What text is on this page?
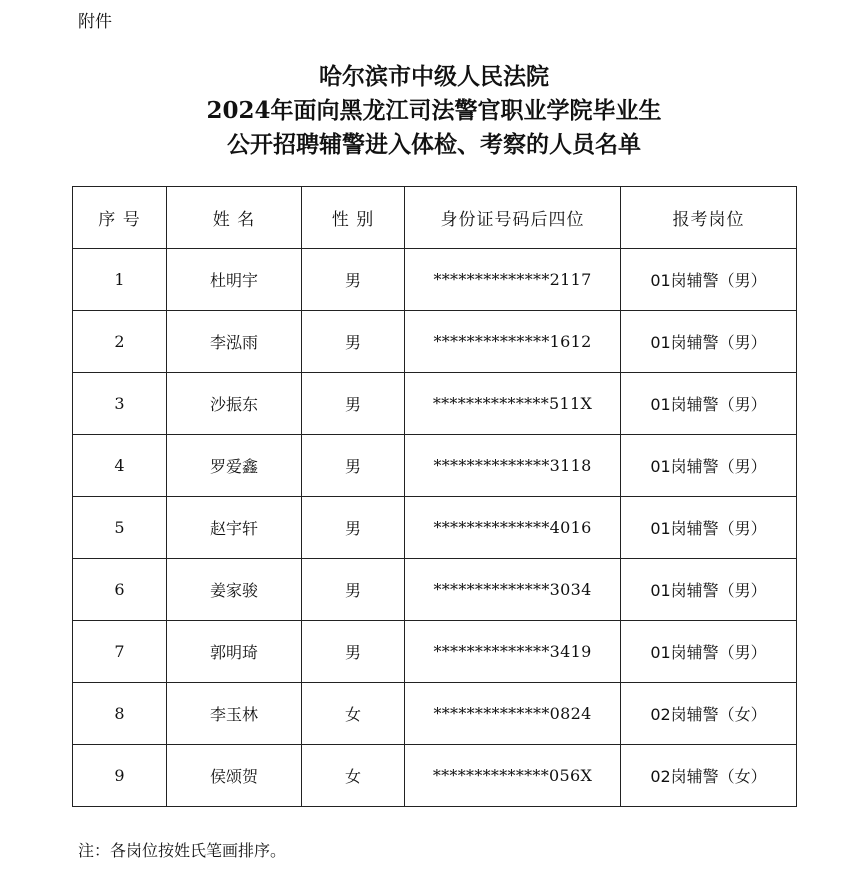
附件
哈尔滨市中级人民法院
2024年面向黑龙江司法警官职业学院毕业生
公开招聘辅警进入体检、考察的人员名单
序 号	姓 名	性 别	身份证号码后四位	报考岗位
1	杜明宇	男	**************2117	01岗辅警（男）
2	李泓雨	男	**************1612	01岗辅警（男）
3	沙振东	男	**************511X	01岗辅警（男）
4	罗爱鑫	男	**************3118	01岗辅警（男）
5	赵宇轩	男	**************4016	01岗辅警（男）
6	姜家骏	男	**************3034	01岗辅警（男）
7	郭明琦	男	**************3419	01岗辅警（男）
8	李玉林	女	**************0824	02岗辅警（女）
9	侯颂贺	女	**************056X	02岗辅警（女）
注：各岗位按姓氏笔画排序。
